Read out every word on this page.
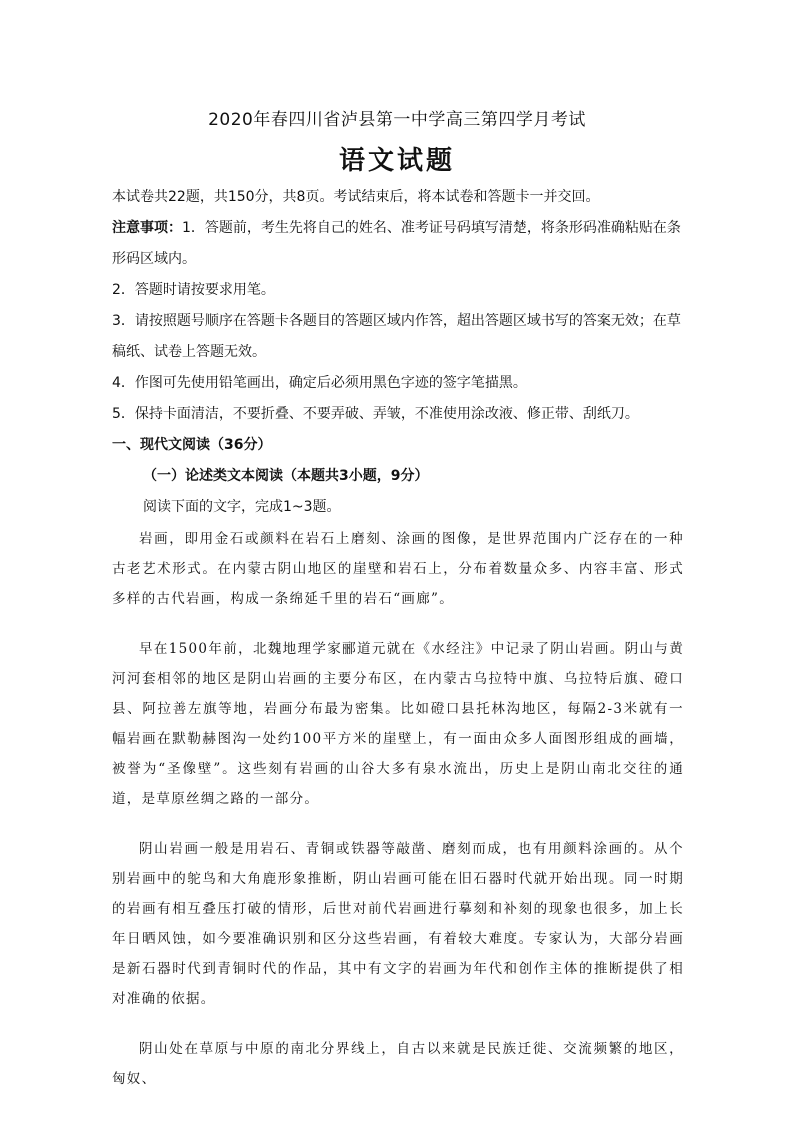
2020年春四川省泸县第一中学高三第四学月考试
语文试题

本试卷共22题，共150分，共8页。考试结束后，将本试卷和答题卡一并交回。

注意事项：1．答题前，考生先将自己的姓名、准考证号码填写清楚，将条形码准确粘贴在条形码区域内。

2．答题时请按要求用笔。

3．请按照题号顺序在答题卡各题目的答题区域内作答，超出答题区域书写的答案无效；在草稿纸、试卷上答题无效。

4．作图可先使用铅笔画出，确定后必须用黑色字迹的签字笔描黑。

5．保持卡面清洁，不要折叠、不要弄破、弄皱，不准使用涂改液、修正带、刮纸刀。

一、现代文阅读（36分）
（一）论述类文本阅读（本题共3小题，9分）
阅读下面的文字，完成1~3题。

岩画，即用金石或颜料在岩石上磨刻、涂画的图像，是世界范围内广泛存在的一种古老艺术形式。在内蒙古阴山地区的崖壁和岩石上，分布着数量众多、内容丰富、形式多样的古代岩画，构成一条绵延千里的岩石“画廊”。

早在1500年前，北魏地理学家郦道元就在《水经注》中记录了阴山岩画。阴山与黄河河套相邻的地区是阴山岩画的主要分布区，在内蒙古乌拉特中旗、乌拉特后旗、磴口县、阿拉善左旗等地，岩画分布最为密集。比如磴口县托林沟地区，每隔2-3米就有一幅岩画在默勒赫图沟一处约100平方米的崖壁上，有一面由众多人面图形组成的画墙，被誉为“圣像壁”。这些刻有岩画的山谷大多有泉水流出，历史上是阴山南北交往的通道，是草原丝绸之路的一部分。

阴山岩画一般是用岩石、青铜或铁器等敲凿、磨刻而成，也有用颜料涂画的。从个别岩画中的鸵鸟和大角鹿形象推断，阴山岩画可能在旧石器时代就开始出现。同一时期的岩画有相互叠压打破的情形，后世对前代岩画进行摹刻和补刻的现象也很多，加上长年日晒风蚀，如今要准确识别和区分这些岩画，有着较大难度。专家认为，大部分岩画是新石器时代到青铜时代的作品，其中有文字的岩画为年代和创作主体的推断提供了相对准确的依据。

阴山处在草原与中原的南北分界线上，自古以来就是民族迁徙、交流频繁的地区，匈奴、
